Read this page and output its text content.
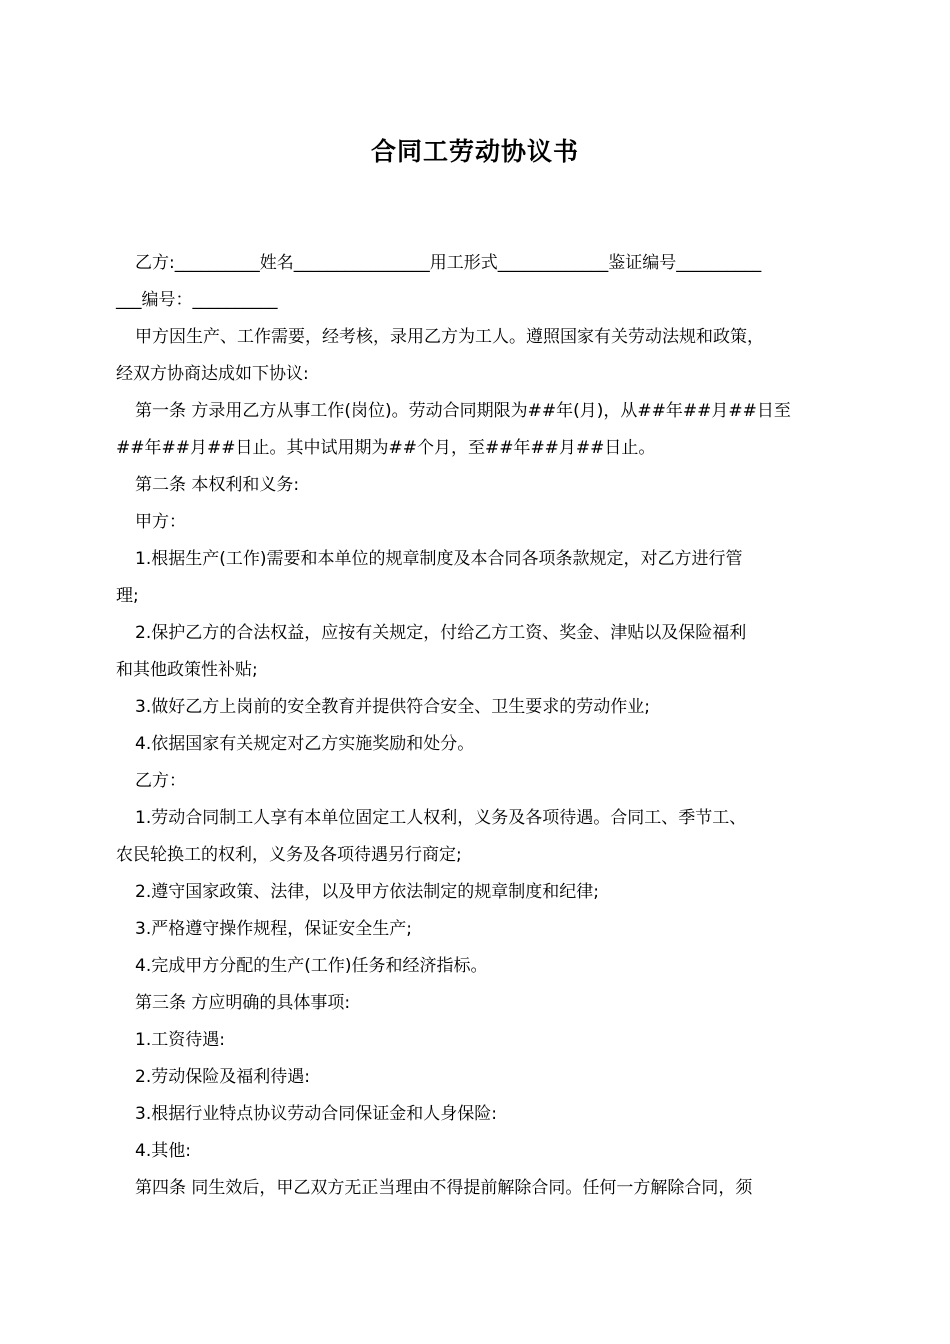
合同工劳动协议书
乙方:__________姓名________________用工形式_____________鉴证编号__________
___编号：__________
甲方因生产、工作需要，经考核，录用乙方为工人。遵照国家有关劳动法规和政策，
经双方协商达成如下协议:
第一条 方录用乙方从事工作(岗位)。劳动合同期限为##年(月)，从##年##月##日至
##年##月##日止。其中试用期为##个月，至##年##月##日止。
第二条 本权利和义务:
甲方：
1.根据生产(工作)需要和本单位的规章制度及本合同各项条款规定，对乙方进行管
理;
2.保护乙方的合法权益，应按有关规定，付给乙方工资、奖金、津贴以及保险福利
和其他政策性补贴;
3.做好乙方上岗前的安全教育并提供符合安全、卫生要求的劳动作业;
4.依据国家有关规定对乙方实施奖励和处分。
乙方：
1.劳动合同制工人享有本单位固定工人权利，义务及各项待遇。合同工、季节工、
农民轮换工的权利，义务及各项待遇另行商定;
2.遵守国家政策、法律，以及甲方依法制定的规章制度和纪律;
3.严格遵守操作规程，保证安全生产;
4.完成甲方分配的生产(工作)任务和经济指标。
第三条 方应明确的具体事项:
1.工资待遇:
2.劳动保险及福利待遇:
3.根据行业特点协议劳动合同保证金和人身保险:
4.其他:
第四条 同生效后，甲乙双方无正当理由不得提前解除合同。任何一方解除合同，须
